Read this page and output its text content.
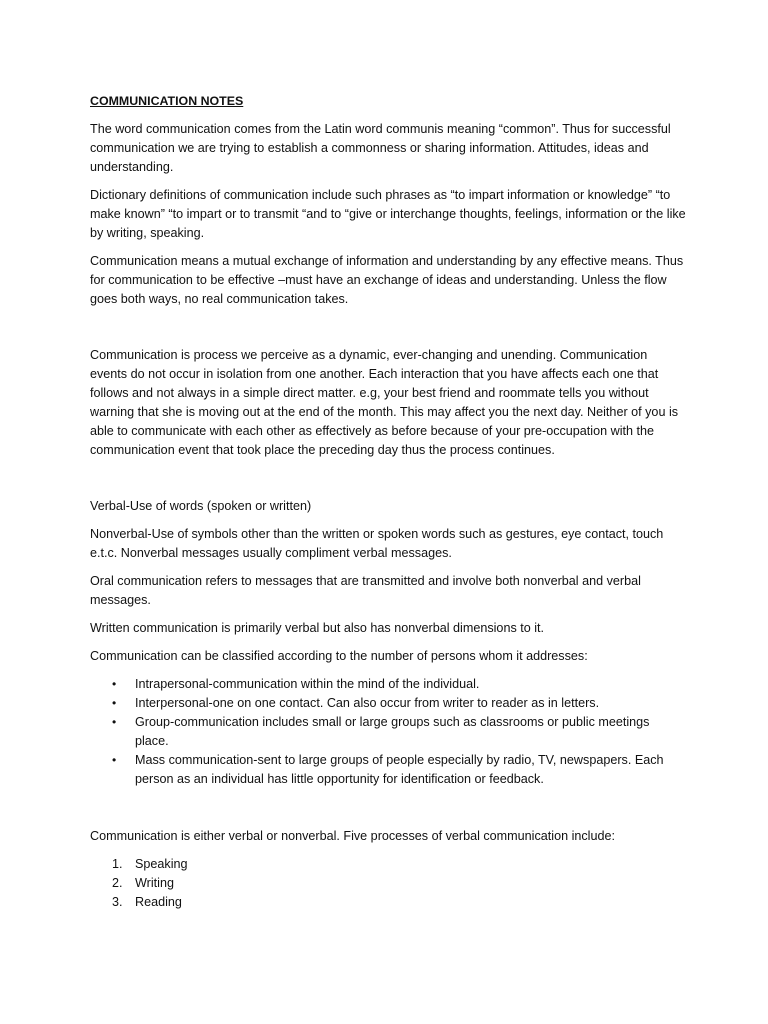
COMMUNICATION NOTES

The word communication comes from the Latin word communis meaning “common”. Thus for successful communication we are trying to establish a commonness or sharing information. Attitudes, ideas and understanding.

Dictionary definitions of communication include such phrases as “to impart information or knowledge” “to make known” “to impart or to transmit “and to “give or interchange thoughts, feelings, information or the like by writing, speaking.

Communication means a mutual exchange of information and understanding by any effective means. Thus for communication to be effective –must have an exchange of ideas and understanding. Unless the flow goes both ways, no real communication takes.

Communication is process we perceive as a dynamic, ever-changing and unending. Communication events do not occur in isolation from one another. Each interaction that you have affects each one that follows and not always in a simple direct matter. e.g, your best friend and roommate tells you without warning that she is moving out at the end of the month. This may affect you the next day. Neither of you is able to communicate with each other as effectively as before because of your pre-occupation with the communication event that took place the preceding day thus the process continues.

Verbal-Use of words (spoken or written)

Nonverbal-Use of symbols other than the written or spoken words such as gestures, eye contact, touch e.t.c. Nonverbal messages usually compliment verbal messages.

Oral communication refers to messages that are transmitted and involve both nonverbal and verbal messages.

Written communication is primarily verbal but also has nonverbal dimensions to it.

Communication can be classified according to the number of persons whom it addresses:

• Intrapersonal-communication within the mind of the individual.
• Interpersonal-one on one contact. Can also occur from writer to reader as in letters.
• Group-communication includes small or large groups such as classrooms or public meetings place.
• Mass communication-sent to large groups of people especially by radio, TV, newspapers. Each person as an individual has little opportunity for identification or feedback.

Communication is either verbal or nonverbal. Five processes of verbal communication include:

1. Speaking
2. Writing
3. Reading
